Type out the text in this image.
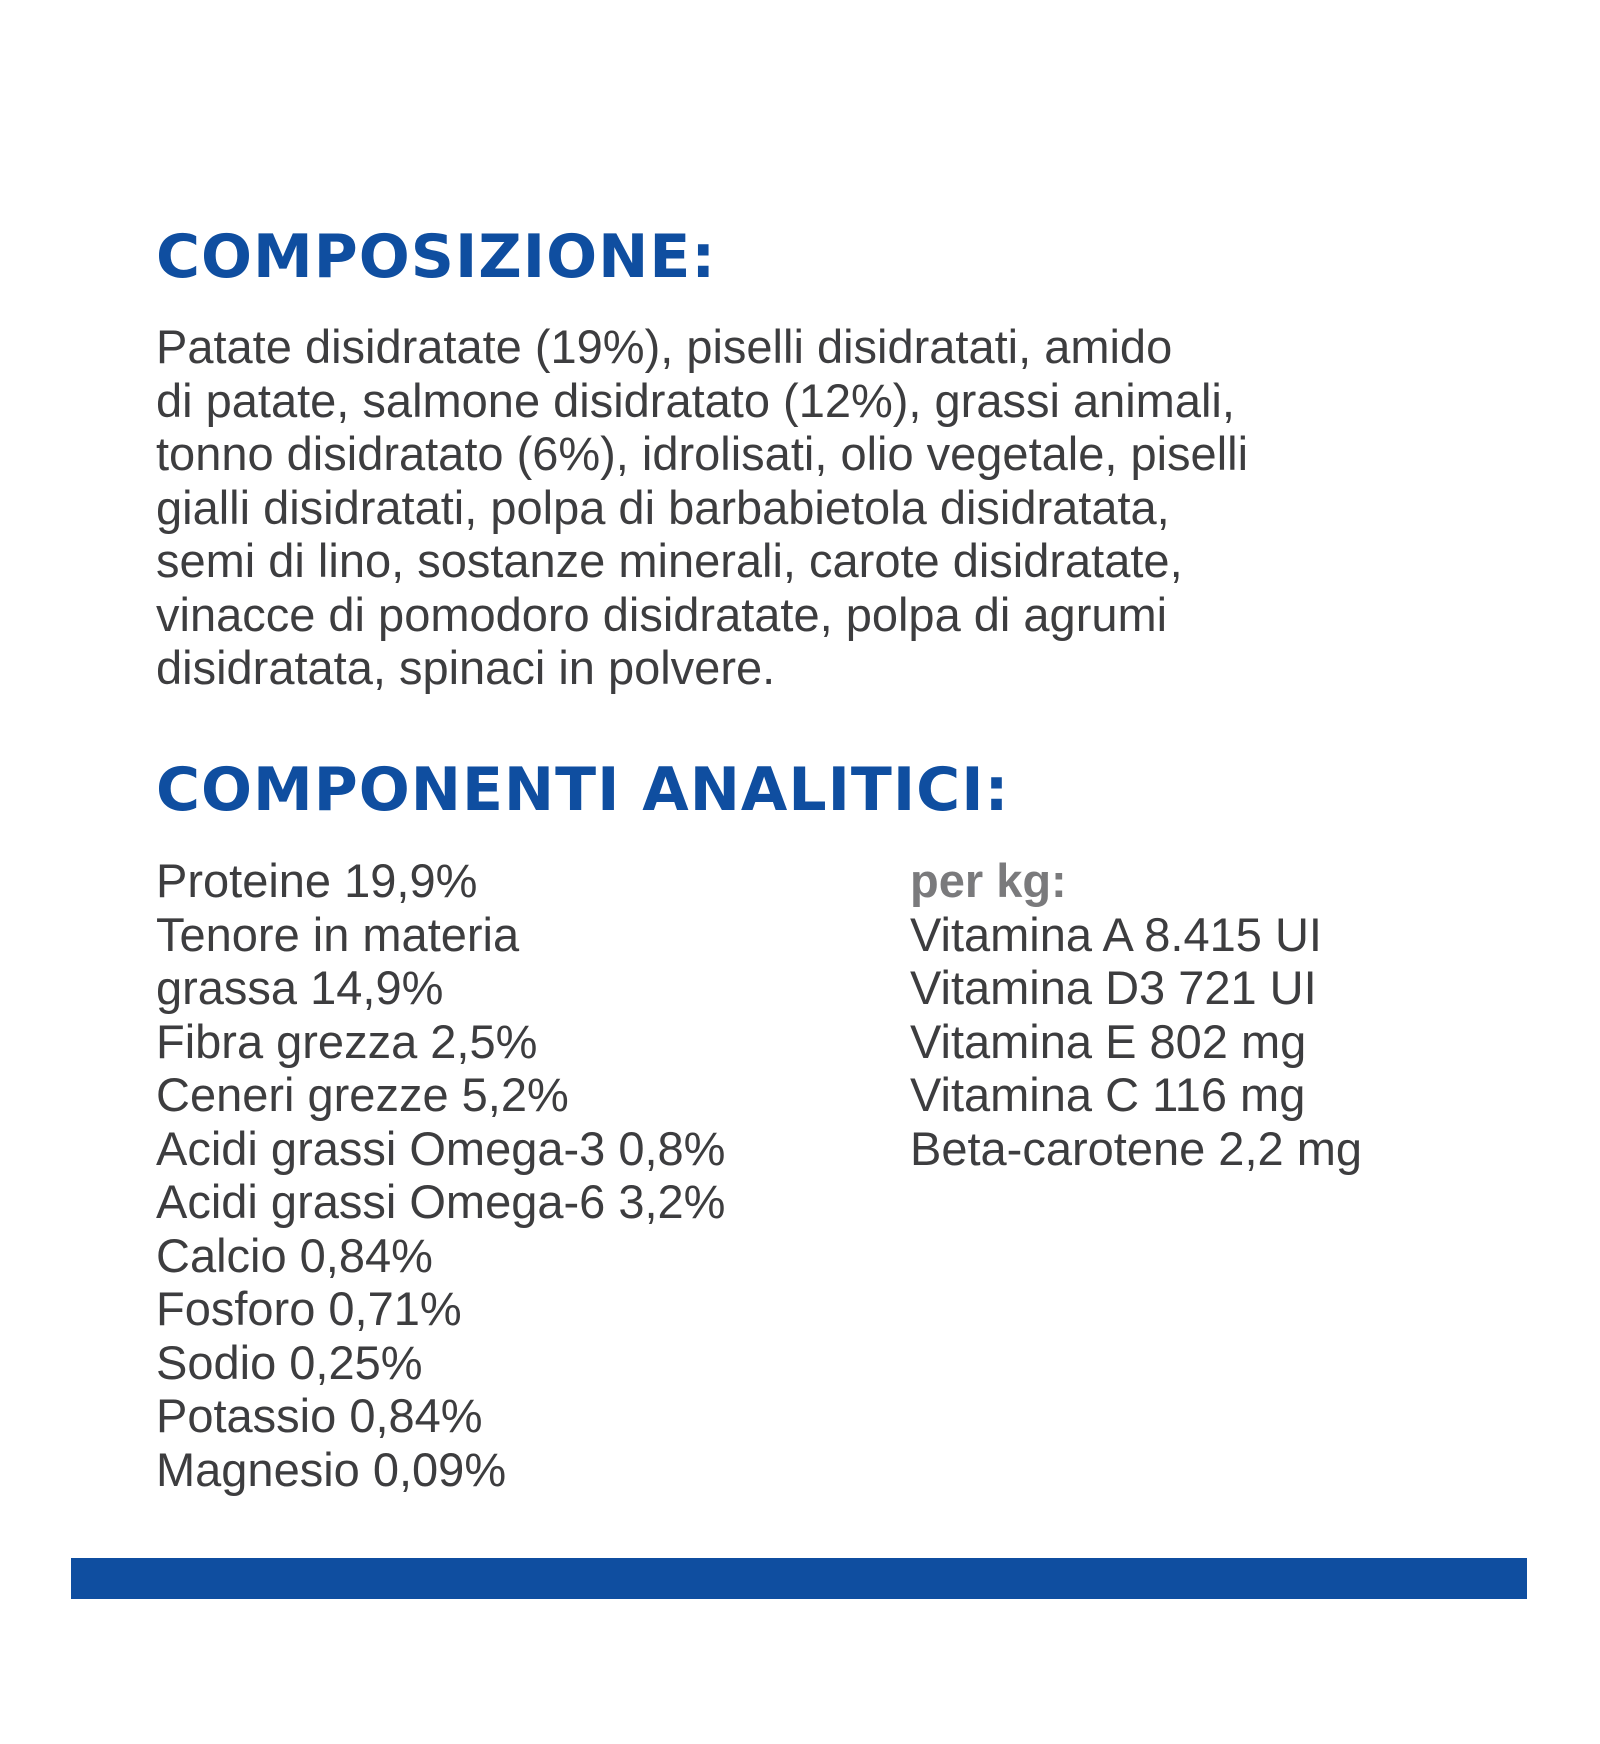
COMPOSIZIONE:

Patate disidratate (19%), piselli disidratati, amido
di patate, salmone disidratato (12%), grassi animali,
tonno disidratato (6%), idrolisati, olio vegetale, piselli
gialli disidratati, polpa di barbabietola disidratata,
semi di lino, sostanze minerali, carote disidratate,
vinacce di pomodoro disidratate, polpa di agrumi
disidratata, spinaci in polvere.

COMPONENTI ANALITICI:
Proteine 19,9%
Tenore in materia
grassa 14,9%
Fibra grezza 2,5%
Ceneri grezze 5,2%
Acidi grassi Omega-3 0,8%
Acidi grassi Omega-6 3,2%
Calcio 0,84%
Fosforo 0,71%
Sodio 0,25%
Potassio 0,84%
Magnesio 0,09%
per kg:
Vitamina A 8.415 UI
Vitamina D3 721 UI
Vitamina E 802 mg
Vitamina C 116 mg
Beta-carotene 2,2 mg
